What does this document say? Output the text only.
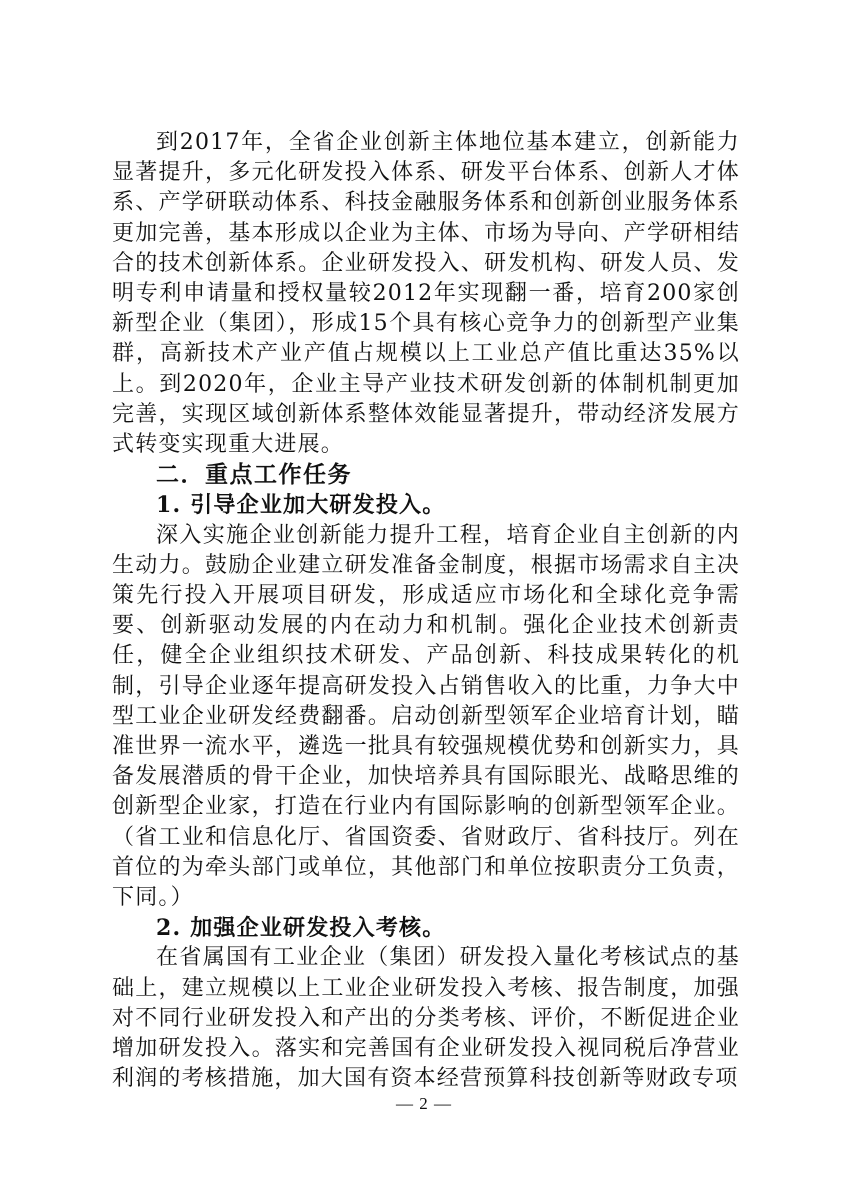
到2017年，全省企业创新主体地位基本建立，创新能力显著提升，多元化研发投入体系、研发平台体系、创新人才体系、产学研联动体系、科技金融服务体系和创新创业服务体系更加完善，基本形成以企业为主体、市场为导向、产学研相结合的技术创新体系。企业研发投入、研发机构、研发人员、发明专利申请量和授权量较2012年实现翻一番，培育200家创新型企业（集团），形成15个具有核心竞争力的创新型产业集群，高新技术产业产值占规模以上工业总产值比重达35%以上。到2020年，企业主导产业技术研发创新的体制机制更加完善，实现区域创新体系整体效能显著提升，带动经济发展方式转变实现重大进展。

二．重点工作任务

1. 引导企业加大研发投入。

深入实施企业创新能力提升工程，培育企业自主创新的内生动力。鼓励企业建立研发准备金制度，根据市场需求自主决策先行投入开展项目研发，形成适应市场化和全球化竞争需要、创新驱动发展的内在动力和机制。强化企业技术创新责任，健全企业组织技术研发、产品创新、科技成果转化的机制，引导企业逐年提高研发投入占销售收入的比重，力争大中型工业企业研发经费翻番。启动创新型领军企业培育计划，瞄准世界一流水平，遴选一批具有较强规模优势和创新实力，具备发展潜质的骨干企业，加快培养具有国际眼光、战略思维的创新型企业家，打造在行业内有国际影响的创新型领军企业。（省工业和信息化厅、省国资委、省财政厅、省科技厅。列在首位的为牵头部门或单位，其他部门和单位按职责分工负责，下同。）

2. 加强企业研发投入考核。

在省属国有工业企业（集团）研发投入量化考核试点的基础上，建立规模以上工业企业研发投入考核、报告制度，加强对不同行业研发投入和产出的分类考核、评价，不断促进企业增加研发投入。落实和完善国有企业研发投入视同税后净营业利润的考核措施，加大国有资本经营预算科技创新等财政专项

— 2 —
